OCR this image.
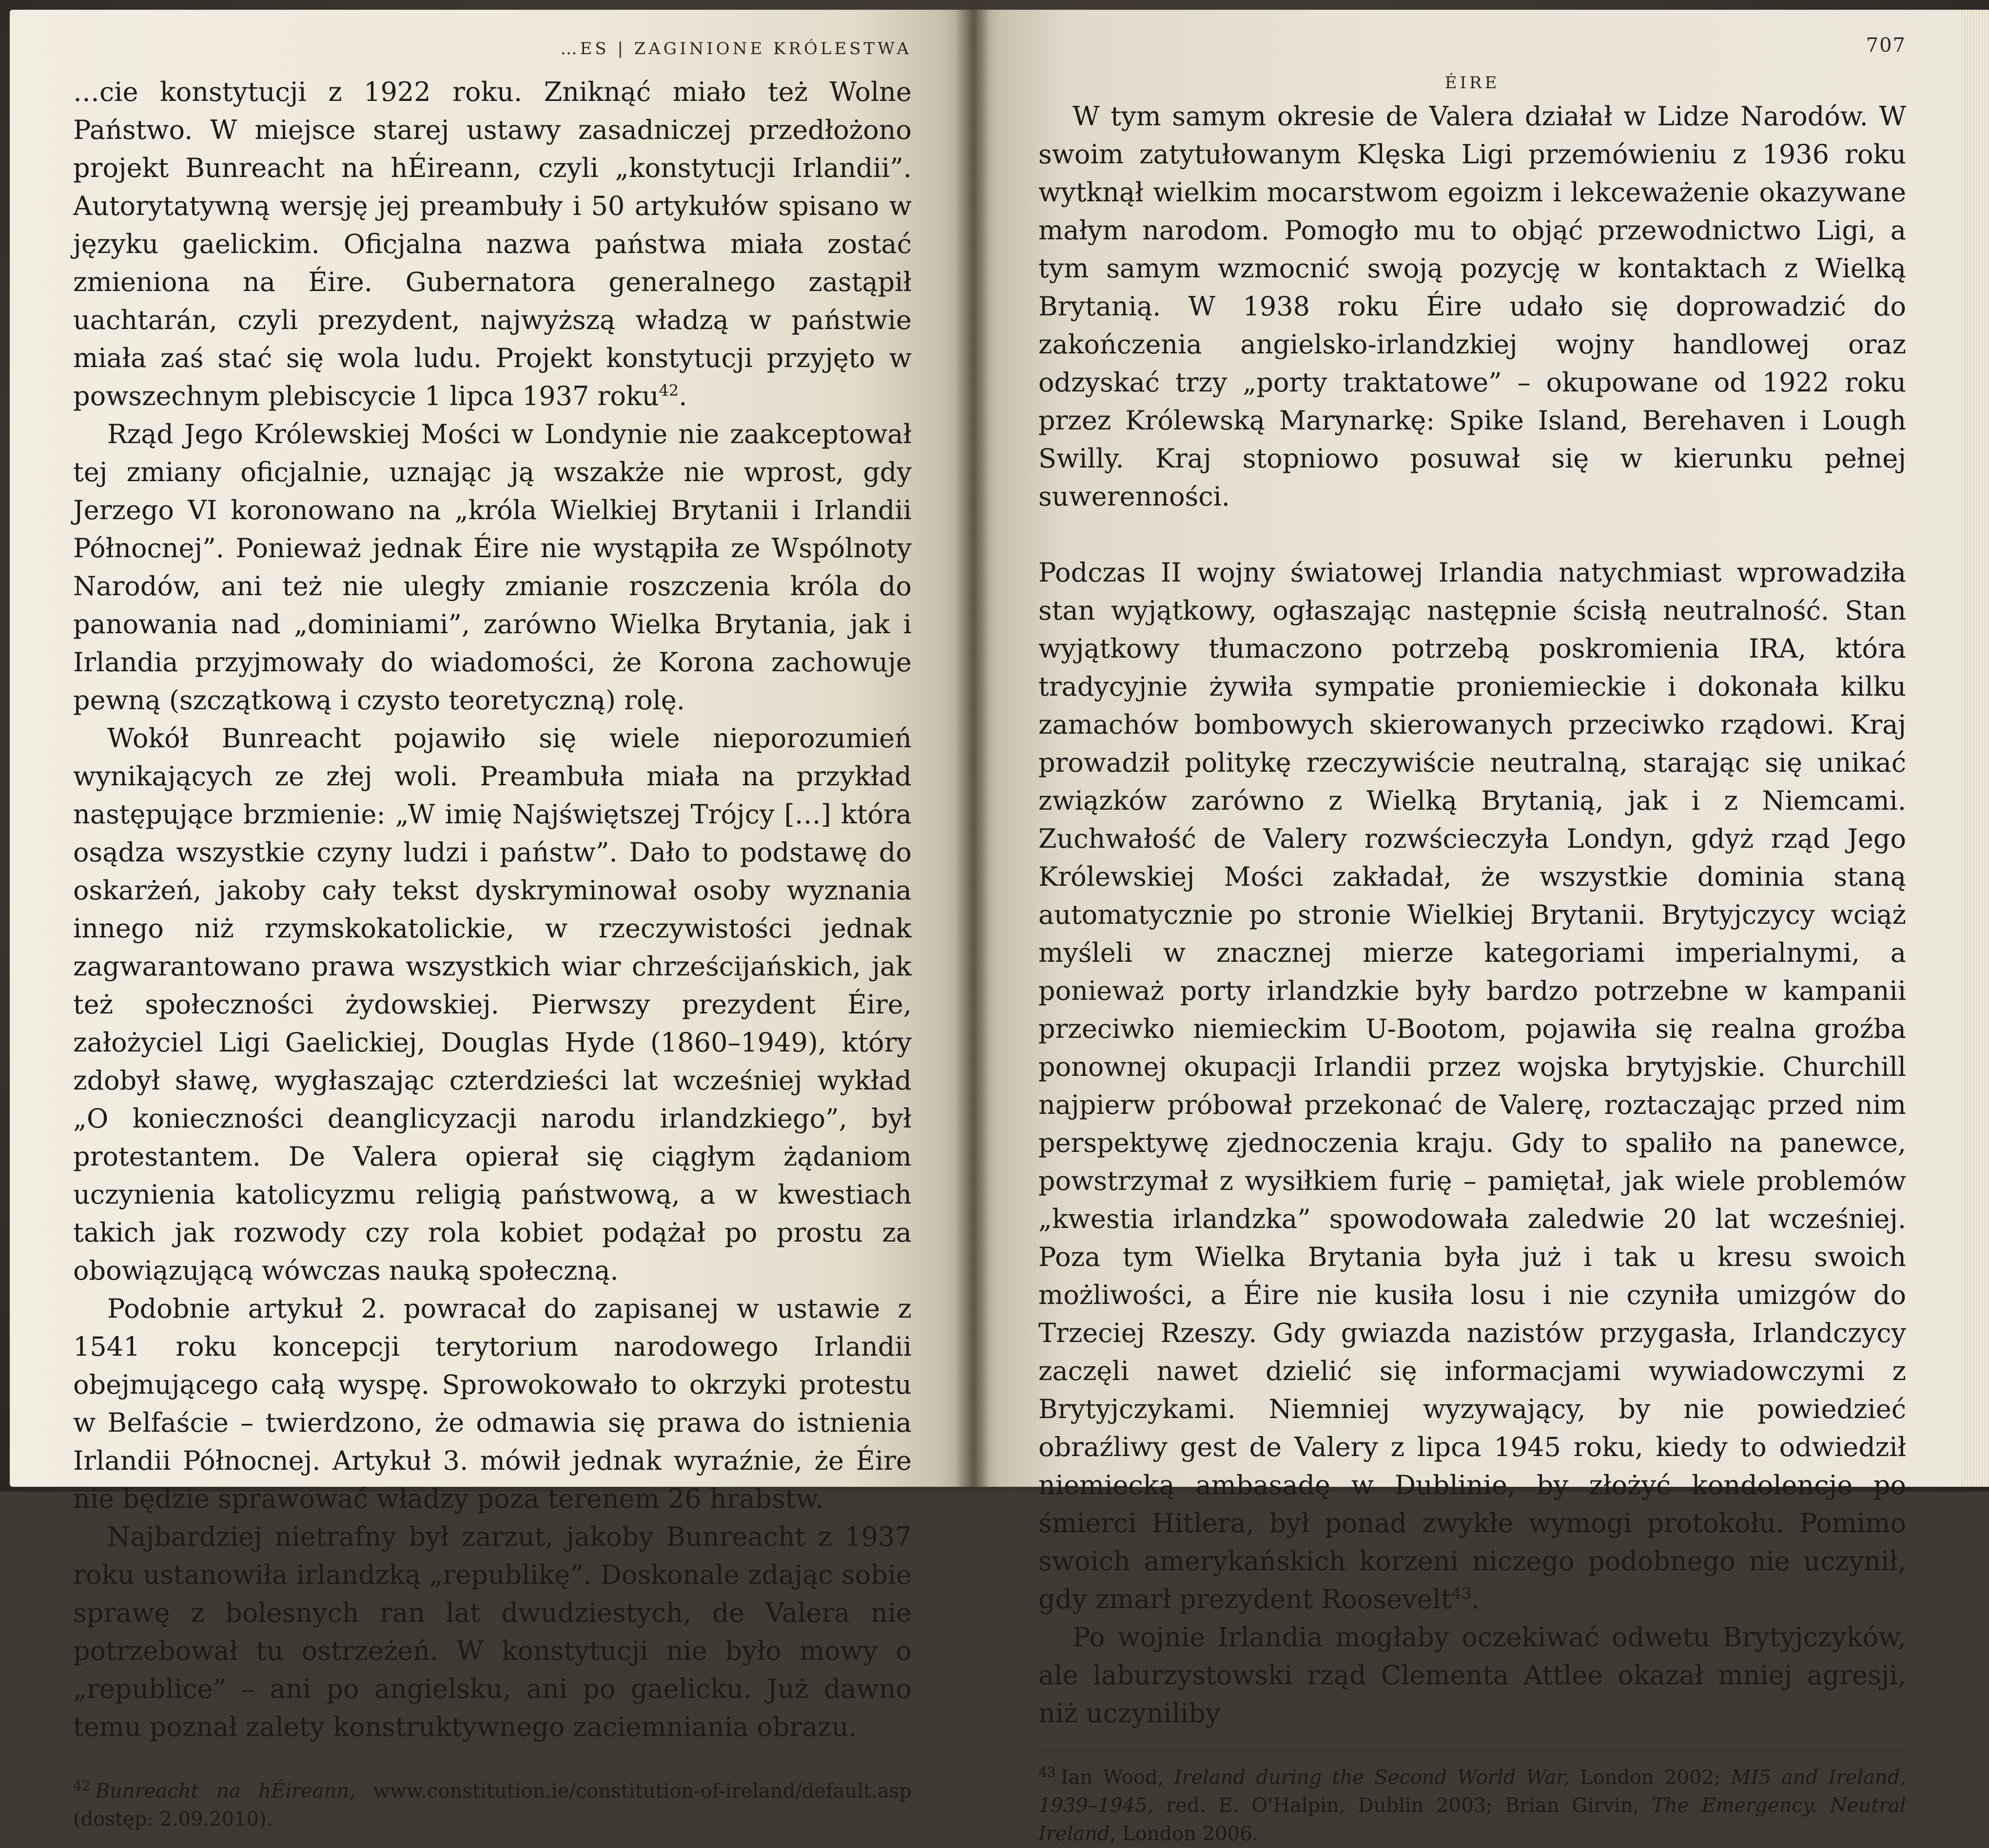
…ES | ZAGINIONE KRÓLESTWA

…cie konstytucji z 1922 roku. Zniknąć miało też Wolne Państwo. W miejsce starej ustawy zasadniczej przedłożono projekt Bunreacht na hÉireann, czyli „konstytucji Irlandii”. Autorytatywną wersję jej preambuły i 50 artykułów spisano w języku gaelickim. Oficjalna nazwa państwa miała zostać zmieniona na Éire. Gubernatora generalnego zastąpił uachtarán, czyli prezydent, najwyższą władzą w państwie miała zaś stać się wola ludu. Projekt konstytucji przyjęto w powszechnym plebiscycie 1 lipca 1937 roku$^{42}$.

Rząd Jego Królewskiej Mości w Londynie nie zaakceptował tej zmiany oficjalnie, uznając ją wszakże nie wprost, gdy Jerzego VI koronowano na „króla Wielkiej Brytanii i Irlandii Północnej”. Ponieważ jednak Éire nie wystąpiła ze Wspólnoty Narodów, ani też nie uległy zmianie roszczenia króla do panowania nad „dominiami”, zarówno Wielka Brytania, jak i Irlandia przyjmowały do wiadomości, że Korona zachowuje pewną (szczątkową i czysto teoretyczną) rolę.

Wokół Bunreacht pojawiło się wiele nieporozumień wynikających ze złej woli. Preambuła miała na przykład następujące brzmienie: „W imię Najświętszej Trójcy […] która osądza wszystkie czyny ludzi i państw”. Dało to podstawę do oskarżeń, jakoby cały tekst dyskryminował osoby wyznania innego niż rzymskokatolickie, w rzeczywistości jednak zagwarantowano prawa wszystkich wiar chrześcijańskich, jak też społeczności żydowskiej. Pierwszy prezydent Éire, założyciel Ligi Gaelickiej, Douglas Hyde (1860–1949), który zdobył sławę, wygłaszając czterdzieści lat wcześniej wykład „O konieczności deanglicyzacji narodu irlandzkiego”, był protestantem. De Valera opierał się ciągłym żądaniom uczynienia katolicyzmu religią państwową, a w kwestiach takich jak rozwody czy rola kobiet podążał po prostu za obowiązującą wówczas nauką społeczną.

Podobnie artykuł 2. powracał do zapisanej w ustawie z 1541 roku koncepcji terytorium narodowego Irlandii obejmującego całą wyspę. Sprowokowało to okrzyki protestu w Belfaście – twierdzono, że odmawia się prawa do istnienia Irlandii Północnej. Artykuł 3. mówił jednak wyraźnie, że Éire nie będzie sprawować władzy poza terenem 26 hrabstw.

Najbardziej nietrafny był zarzut, jakoby Bunreacht z 1937 roku ustanowiła irlandzką „republikę”. Doskonale zdając sobie sprawę z bolesnych ran lat dwudziestych, de Valera nie potrzebował tu ostrzeżeń. W konstytucji nie było mowy o „republice” – ani po angielsku, ani po gaelicku. Już dawno temu poznał zalety konstruktywnego zaciemniania obrazu.

$^{42}$ Bunreacht na hÉireann, www.constitution.ie/constitution-of-ireland/default.asp (dostęp: 2.09.2010).
707
ÉIRE

W tym samym okresie de Valera działał w Lidze Narodów. W swoim zatytułowanym Klęska Ligi przemówieniu z 1936 roku wytknął wielkim mocarstwom egoizm i lekceważenie okazywane małym narodom. Pomogło mu to objąć przewodnictwo Ligi, a tym samym wzmocnić swoją pozycję w kontaktach z Wielką Brytanią. W 1938 roku Éire udało się doprowadzić do zakończenia angielsko-irlandzkiej wojny handlowej oraz odzyskać trzy „porty traktatowe” – okupowane od 1922 roku przez Królewską Marynarkę: Spike Island, Berehaven i Lough Swilly. Kraj stopniowo posuwał się w kierunku pełnej suwerenności.

Podczas II wojny światowej Irlandia natychmiast wprowadziła stan wyjątkowy, ogłaszając następnie ścisłą neutralność. Stan wyjątkowy tłumaczono potrzebą poskromienia IRA, która tradycyjnie żywiła sympatie proniemieckie i dokonała kilku zamachów bombowych skierowanych przeciwko rządowi. Kraj prowadził politykę rzeczywiście neutralną, starając się unikać związków zarówno z Wielką Brytanią, jak i z Niemcami. Zuchwałość de Valery rozwścieczyła Londyn, gdyż rząd Jego Królewskiej Mości zakładał, że wszystkie dominia staną automatycznie po stronie Wielkiej Brytanii. Brytyjczycy wciąż myśleli w znacznej mierze kategoriami imperialnymi, a ponieważ porty irlandzkie były bardzo potrzebne w kampanii przeciwko niemieckim U-Bootom, pojawiła się realna groźba ponownej okupacji Irlandii przez wojska brytyjskie. Churchill najpierw próbował przekonać de Valerę, roztaczając przed nim perspektywę zjednoczenia kraju. Gdy to spaliło na panewce, powstrzymał z wysiłkiem furię – pamiętał, jak wiele problemów „kwestia irlandzka” spowodowała zaledwie 20 lat wcześniej. Poza tym Wielka Brytania była już i tak u kresu swoich możliwości, a Éire nie kusiła losu i nie czyniła umizgów do Trzeciej Rzeszy. Gdy gwiazda nazistów przygasła, Irlandczycy zaczęli nawet dzielić się informacjami wywiadowczymi z Brytyjczykami. Niemniej wyzywający, by nie powiedzieć obraźliwy gest de Valery z lipca 1945 roku, kiedy to odwiedził niemiecką ambasadę w Dublinie, by złożyć kondolencje po śmierci Hitlera, był ponad zwykłe wymogi protokołu. Pomimo swoich amerykańskich korzeni niczego podobnego nie uczynił, gdy zmarł prezydent Roosevelt$^{43}$.

Po wojnie Irlandia mogłaby oczekiwać odwetu Brytyjczyków, ale laburzystowski rząd Clementa Attlee okazał mniej agresji, niż uczyniliby

$^{43}$ Ian Wood, Ireland during the Second World War, London 2002; MI5 and Ireland, 1939–1945, red. E. O'Halpin, Dublin 2003; Brian Girvin, The Emergency. Neutral Ireland, London 2006.
